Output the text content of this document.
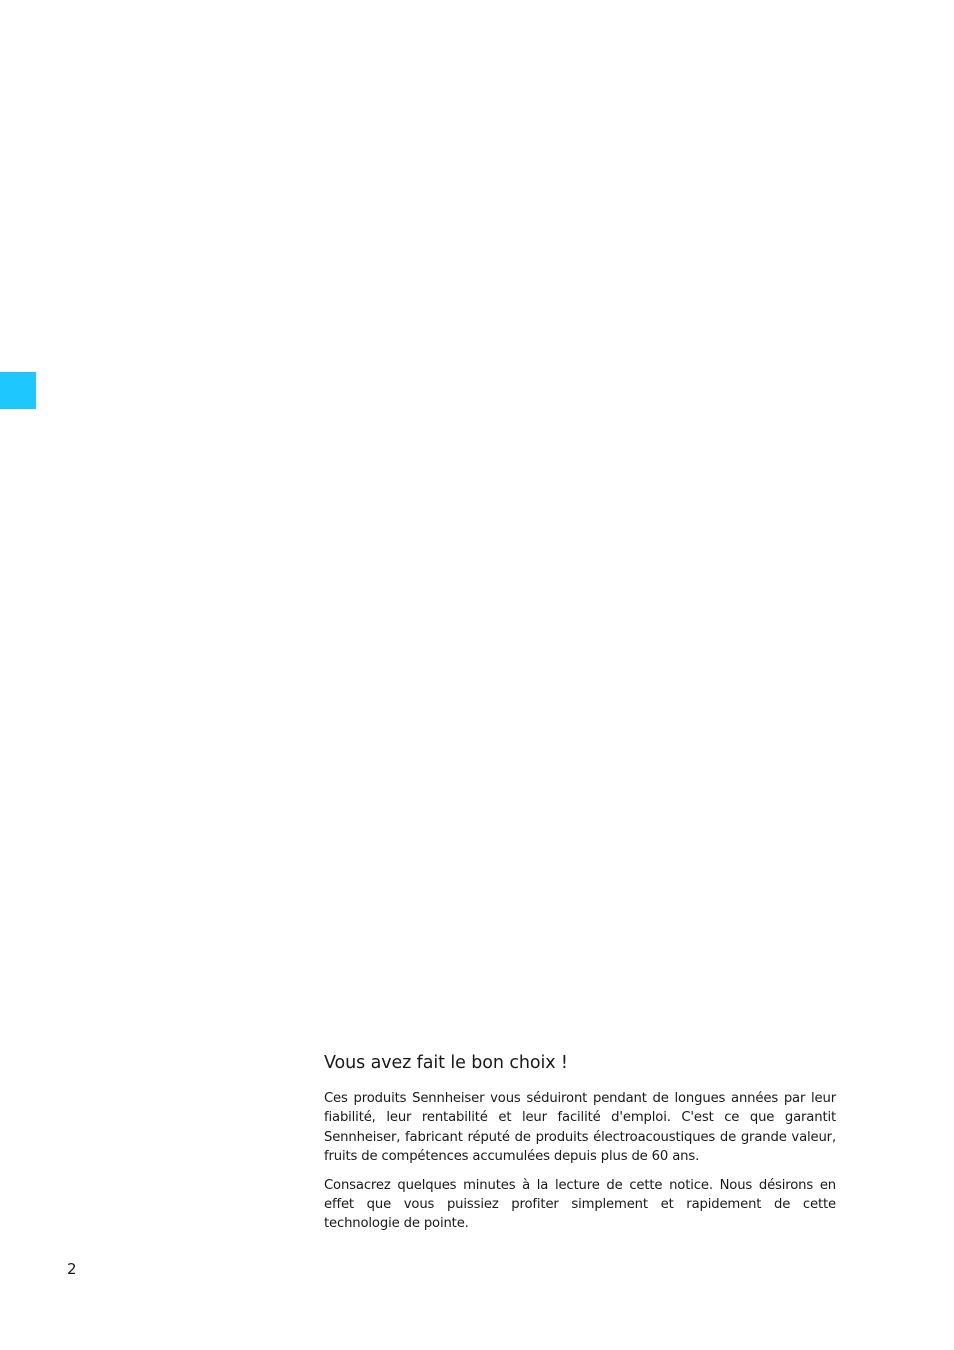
Vous avez fait le bon choix !

Ces produits Sennheiser vous séduiront pendant de longues années par leur fiabilité, leur rentabilité et leur facilité d'emploi. C'est ce que garantit Sennheiser, fabricant réputé de produits électroacoustiques de grande valeur, fruits de compétences accumulées depuis plus de 60 ans.

Consacrez quelques minutes à la lecture de cette notice. Nous désirons en effet que vous puissiez profiter simplement et rapidement de cette technologie de pointe.

2
